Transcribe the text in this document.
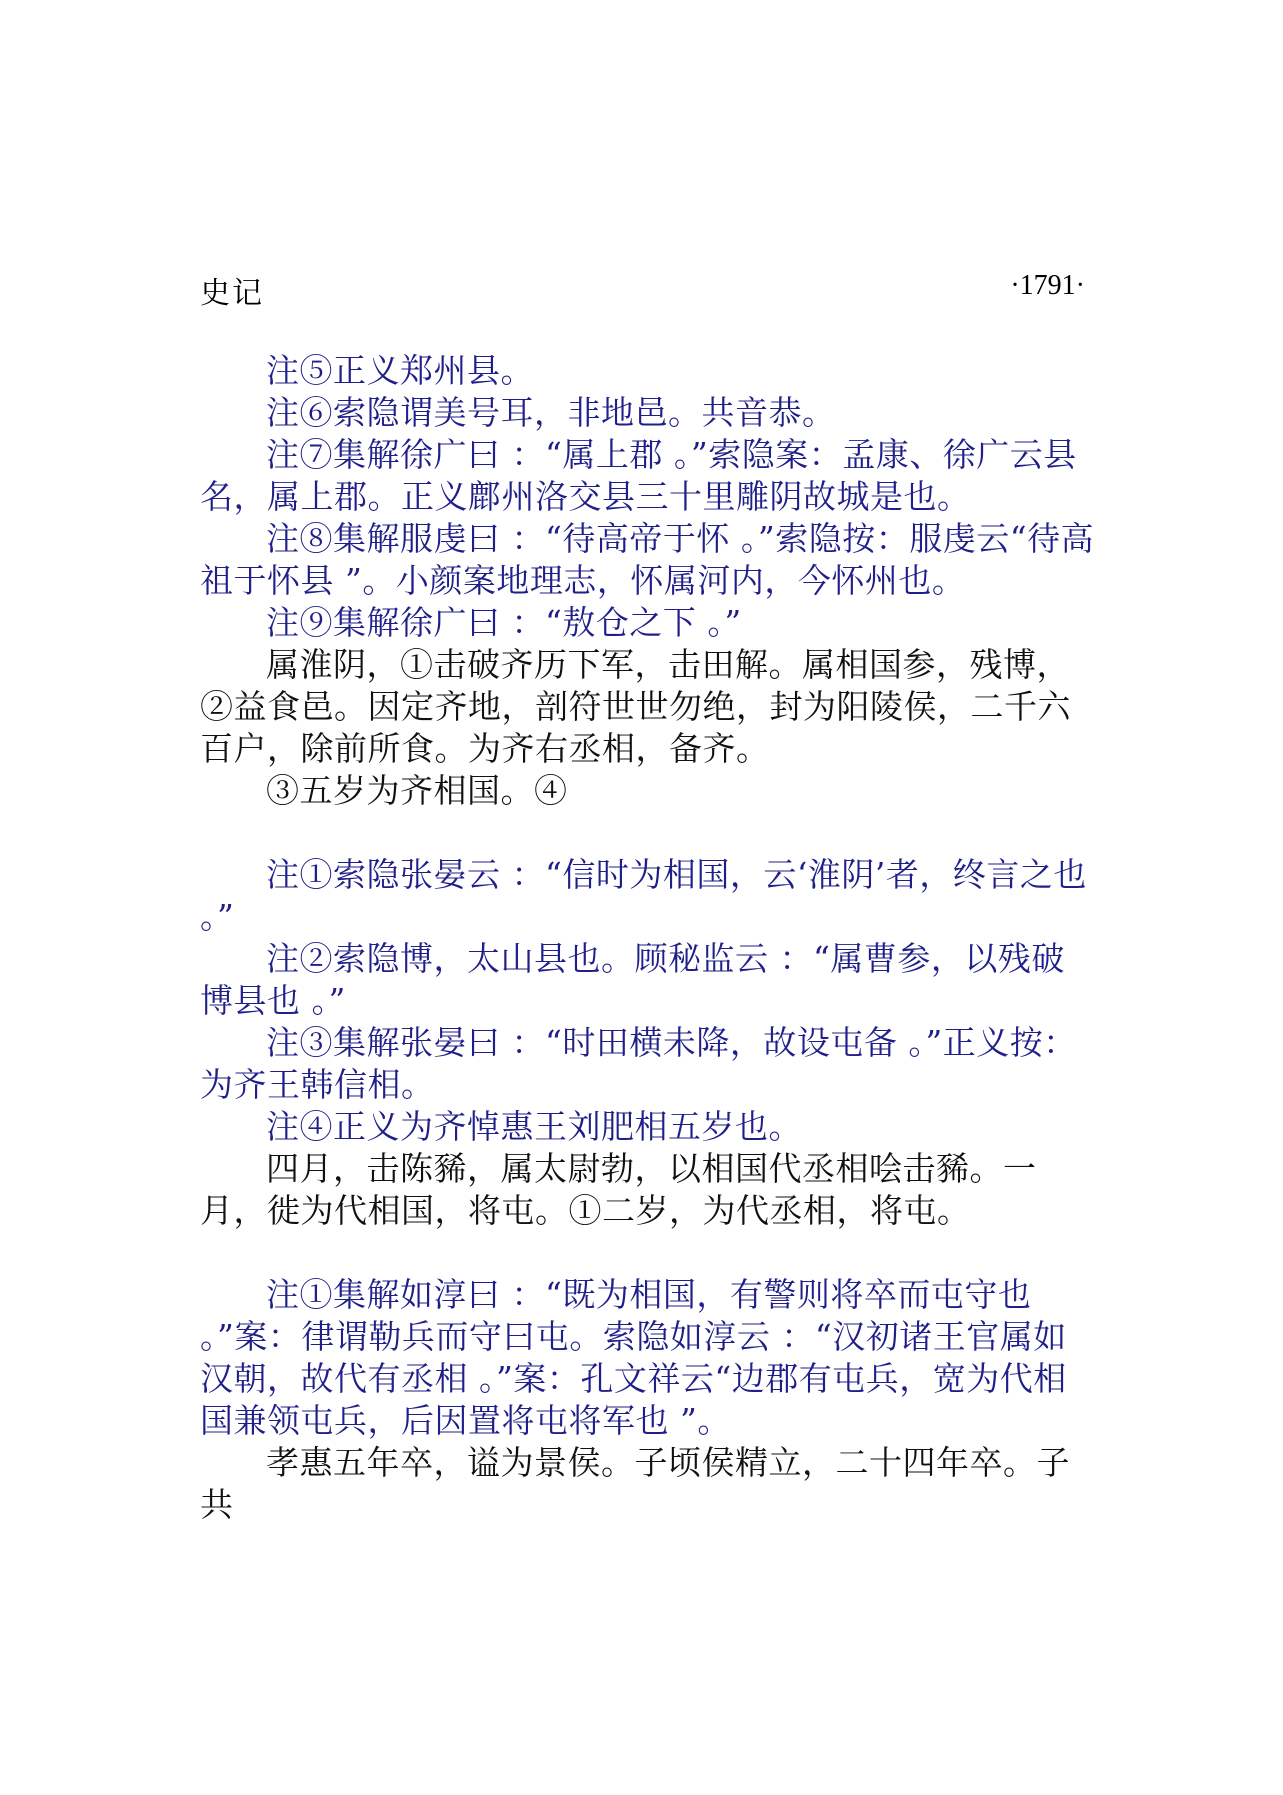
史记	·1791·

注⑤正义郑州县。

注⑥索隐谓美号耳，非地邑。共音恭。

注⑦集解徐广曰 ：“属上郡 。”索隐案：孟康、徐广云县名，属上郡。正义鄜州洛交县三十里雕阴故城是也。

注⑧集解服虔曰 ：“待高帝于怀 。”索隐按：服虔云“待高祖于怀县 ”。小颜案地理志，怀属河内，今怀州也。

注⑨集解徐广曰 ：“敖仓之下 。”

属淮阴，①击破齐历下军，击田解。属相国参，残博，②益食邑。因定齐地，剖符世世勿绝，封为阳陵侯，二千六百户，除前所食。为齐右丞相，备齐。

③五岁为齐相国。④

注①索隐张晏云 ：“信时为相国，云‘淮阴’者，终言之也 。”

注②索隐博，太山县也。顾秘监云 ：“属曹参，以残破博县也 。”

注③集解张晏曰 ：“时田横未降，故设屯备 。”正义按：为齐王韩信相。

注④正义为齐悼惠王刘肥相五岁也。

四月，击陈豨，属太尉勃，以相国代丞相哙击豨。一月，徙为代相国，将屯。①二岁，为代丞相，将屯。

注①集解如淳曰 ：“既为相国，有警则将卒而屯守也 。”案：律谓勒兵而守曰屯。索隐如淳云 ：“汉初诸王官属如汉朝，故代有丞相 。”案：孔文祥云“边郡有屯兵，宽为代相国兼领屯兵，后因置将屯将军也 ”。

孝惠五年卒，谥为景侯。子顷侯精立，二十四年卒。子共
